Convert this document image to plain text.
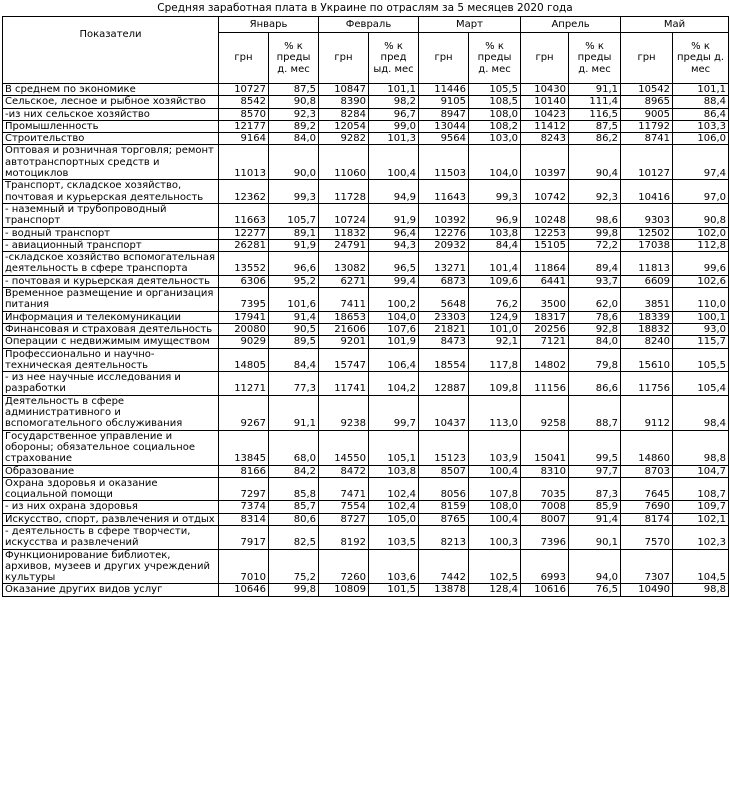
Средняя заработная плата в Украине по отраслям за 5 месяцев 2020 года
Показатели	Январь		Февраль		Март		Апрель		Май	
	грн	% к преды д. мес	грн	% к пред ыд. мес	грн	% к преды д. мес	грн	% к преды д. мес	грн	% к преды д. мес
В среднем по экономике	10727	87,5	10847	101,1	11446	105,5	10430	91,1	10542	101,1
Сельское, лесное и рыбное хозяйство	8542	90,8	8390	98,2	9105	108,5	10140	111,4	8965	88,4
-из них сельское хозяйство	8570	92,3	8284	96,7	8947	108,0	10423	116,5	9005	86,4
Промышленность	12177	89,2	12054	99,0	13044	108,2	11412	87,5	11792	103,3
Строительство	9164	84,0	9282	101,3	9564	103,0	8243	86,2	8741	106,0
Оптовая и розничная торговля; ремонт автотранспортных средств и мотоциклов	11013	90,0	11060	100,4	11503	104,0	10397	90,4	10127	97,4
Транспорт, складское хозяйство, почтовая и курьерская деятельность	12362	99,3	11728	94,9	11643	99,3	10742	92,3	10416	97,0
- наземный и трубопроводный транспорт	11663	105,7	10724	91,9	10392	96,9	10248	98,6	9303	90,8
- водный транспорт	12277	89,1	11832	96,4	12276	103,8	12253	99,8	12502	102,0
- авиационный транспорт	26281	91,9	24791	94,3	20932	84,4	15105	72,2	17038	112,8
-складское хозяйство вспомогательная деятельность в сфере транспорта	13552	96,6	13082	96,5	13271	101,4	11864	89,4	11813	99,6
- почтовая и курьерская деятельность	6306	95,2	6271	99,4	6873	109,6	6441	93,7	6609	102,6
Временное размещение и организация питания	7395	101,6	7411	100,2	5648	76,2	3500	62,0	3851	110,0
Информация и телекомуникации	17941	91,4	18653	104,0	23303	124,9	18317	78,6	18339	100,1
Финансовая и страховая деятельность	20080	90,5	21606	107,6	21821	101,0	20256	92,8	18832	93,0
Операции с недвижимым имуществом	9029	89,5	9201	101,9	8473	92,1	7121	84,0	8240	115,7
Профессионально и научно-техническая деятельность	14805	84,4	15747	106,4	18554	117,8	14802	79,8	15610	105,5
- из нее научные исследования и разработки	11271	77,3	11741	104,2	12887	109,8	11156	86,6	11756	105,4
Деятельность в сфере административного и вспомогательного обслуживания	9267	91,1	9238	99,7	10437	113,0	9258	88,7	9112	98,4
Государственное управление и обороны; обязательное социальное страхование	13845	68,0	14550	105,1	15123	103,9	15041	99,5	14860	98,8
Образование	8166	84,2	8472	103,8	8507	100,4	8310	97,7	8703	104,7
Охрана здоровья и оказание социальной помощи	7297	85,8	7471	102,4	8056	107,8	7035	87,3	7645	108,7
- из них охрана здоровья	7374	85,7	7554	102,4	8159	108,0	7008	85,9	7690	109,7
Искусство, спорт, развлечения и отдых	8314	80,6	8727	105,0	8765	100,4	8007	91,4	8174	102,1
- деятельность в сфере творчести, искусства и развлечений	7917	82,5	8192	103,5	8213	100,3	7396	90,1	7570	102,3
Функционирование библиотек, архивов, музеев и других учреждений культуры	7010	75,2	7260	103,6	7442	102,5	6993	94,0	7307	104,5
Оказание других видов услуг	10646	99,8	10809	101,5	13878	128,4	10616	76,5	10490	98,8
